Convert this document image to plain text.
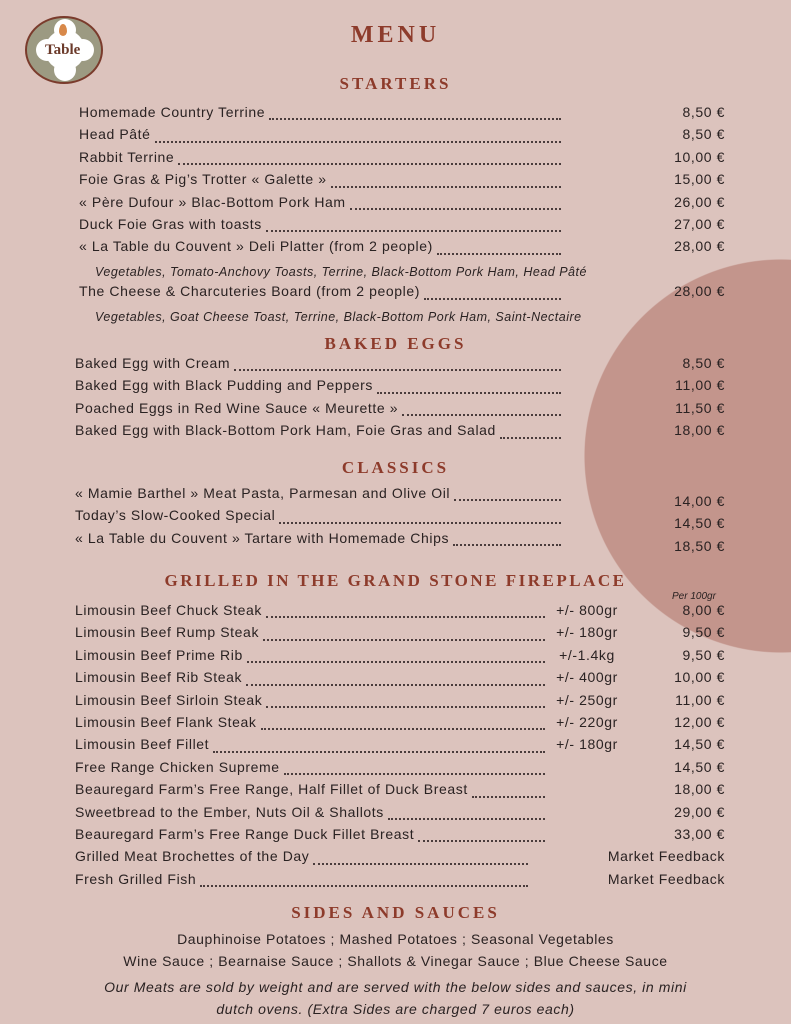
Table
MENU
STARTERS
Homemade Country Terrine	8,50 €
Head Pâté	8,50 €
Rabbit Terrine	10,00 €
Foie Gras & Pig’s Trotter « Galette »	15,00 €
« Père Dufour » Blac-Bottom Pork Ham	26,00 €
Duck Foie Gras with toasts	27,00 €
« La Table du Couvent » Deli Platter (from 2 people)	28,00 €
Vegetables, Tomato-Anchovy Toasts, Terrine, Black-Bottom Pork Ham, Head Pâté
The Cheese & Charcuteries Board (from 2 people)	28,00 €
Vegetables, Goat Cheese Toast, Terrine, Black-Bottom Pork Ham, Saint-Nectaire
BAKED EGGS
Baked Egg with Cream	8,50 €
Baked Egg with Black Pudding and Peppers	11,00 €
Poached Eggs in Red Wine Sauce « Meurette »	11,50 €
Baked Egg with Black-Bottom Pork Ham, Foie Gras and Salad	18,00 €
CLASSICS
« Mamie Barthel » Meat Pasta, Parmesan and Olive Oil	14,00 €
Today’s Slow-Cooked Special	14,50 €
« La Table du Couvent » Tartare with Homemade Chips	18,50 €
GRILLED IN THE GRAND STONE FIREPLACE
Per 100gr
Limousin Beef Chuck Steak	+/- 800gr	8,00 €
Limousin Beef Rump Steak	+/- 180gr	9,50 €
Limousin Beef Prime Rib	+/-1.4kg	9,50 €
Limousin Beef Rib Steak	+/- 400gr	10,00 €
Limousin Beef Sirloin Steak	+/- 250gr	11,00 €
Limousin Beef Flank Steak	+/- 220gr	12,00 €
Limousin Beef Fillet	+/- 180gr	14,50 €
Free Range Chicken Supreme	14,50 €
Beauregard Farm’s Free Range, Half Fillet of Duck Breast	18,00 €
Sweetbread to the Ember, Nuts Oil & Shallots	29,00 €
Beauregard Farm’s Free Range Duck Fillet Breast	33,00 €
Grilled Meat Brochettes of the Day	Market Feedback
Fresh Grilled Fish	Market Feedback
SIDES AND SAUCES
Dauphinoise Potatoes ; Mashed Potatoes ; Seasonal Vegetables
Wine Sauce ; Bearnaise Sauce ; Shallots & Vinegar Sauce ; Blue Cheese Sauce
Our Meats are sold by weight and are served with the below sides and sauces, in mini
dutch ovens. (Extra Sides are charged 7 euros each)
